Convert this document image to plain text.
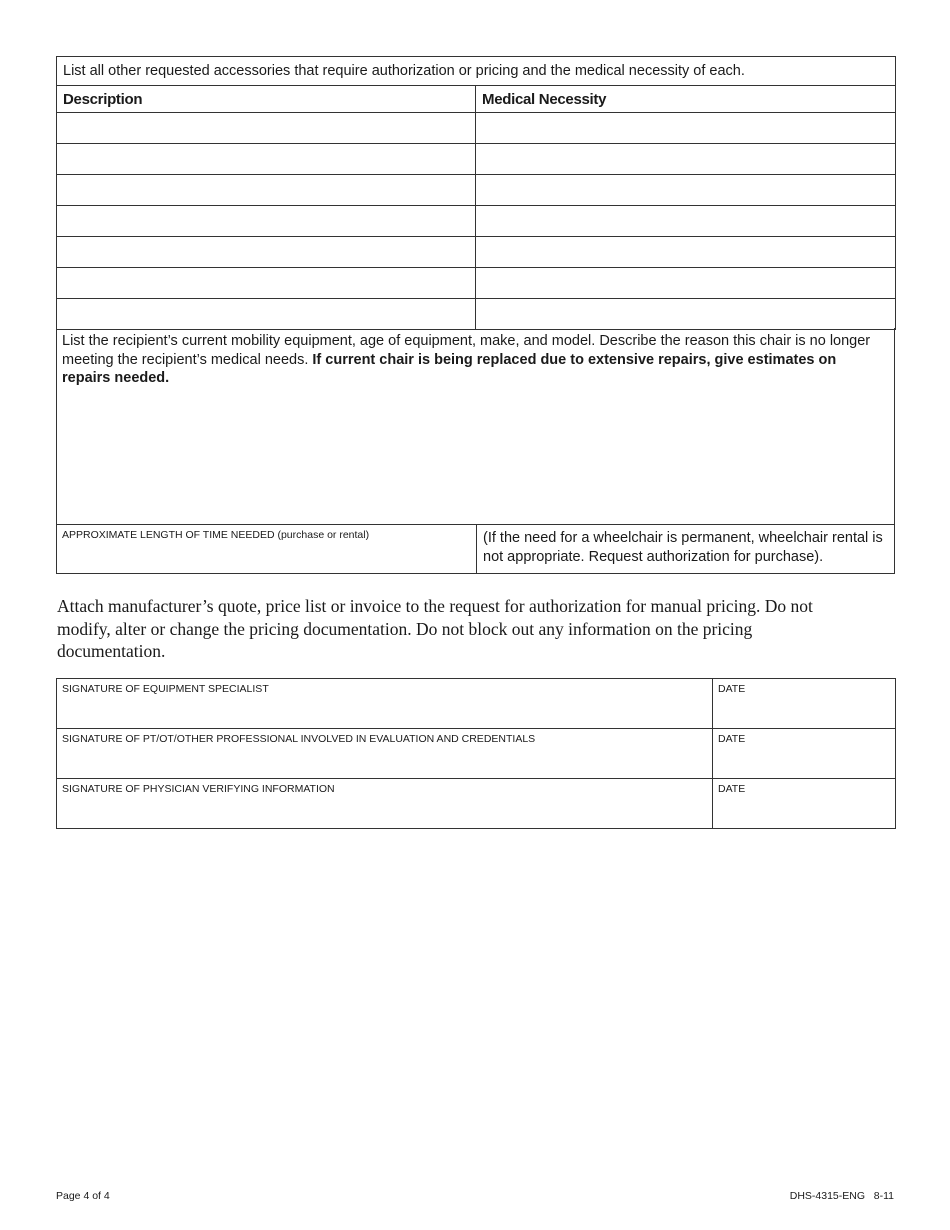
List all other requested accessories that require authorization or pricing and the medical necessity of each.	
Description	Medical Necessity

List the recipient’s current mobility equipment, age of equipment, make, and model. Describe the reason this chair is no longer meeting the recipient’s medical needs. If current chair is being replaced due to extensive repairs, give estimates on repairs needed.
APPROXIMATE LENGTH OF TIME NEEDED (purchase or rental)	(If the need for a wheelchair is permanent, wheelchair rental is not appropriate. Request authorization for purchase).

Attach manufacturer’s quote, price list or invoice to the request for authorization for manual pricing. Do not modify, alter or change the pricing documentation. Do not block out any information on the pricing documentation.

SIGNATURE OF EQUIPMENT SPECIALIST	DATE

SIGNATURE OF PT/OT/OTHER PROFESSIONAL INVOLVED IN EVALUATION AND CREDENTIALS	DATE

SIGNATURE OF PHYSICIAN VERIFYING INFORMATION	DATE
Page 4 of 4	DHS-4315-ENG   8-11
